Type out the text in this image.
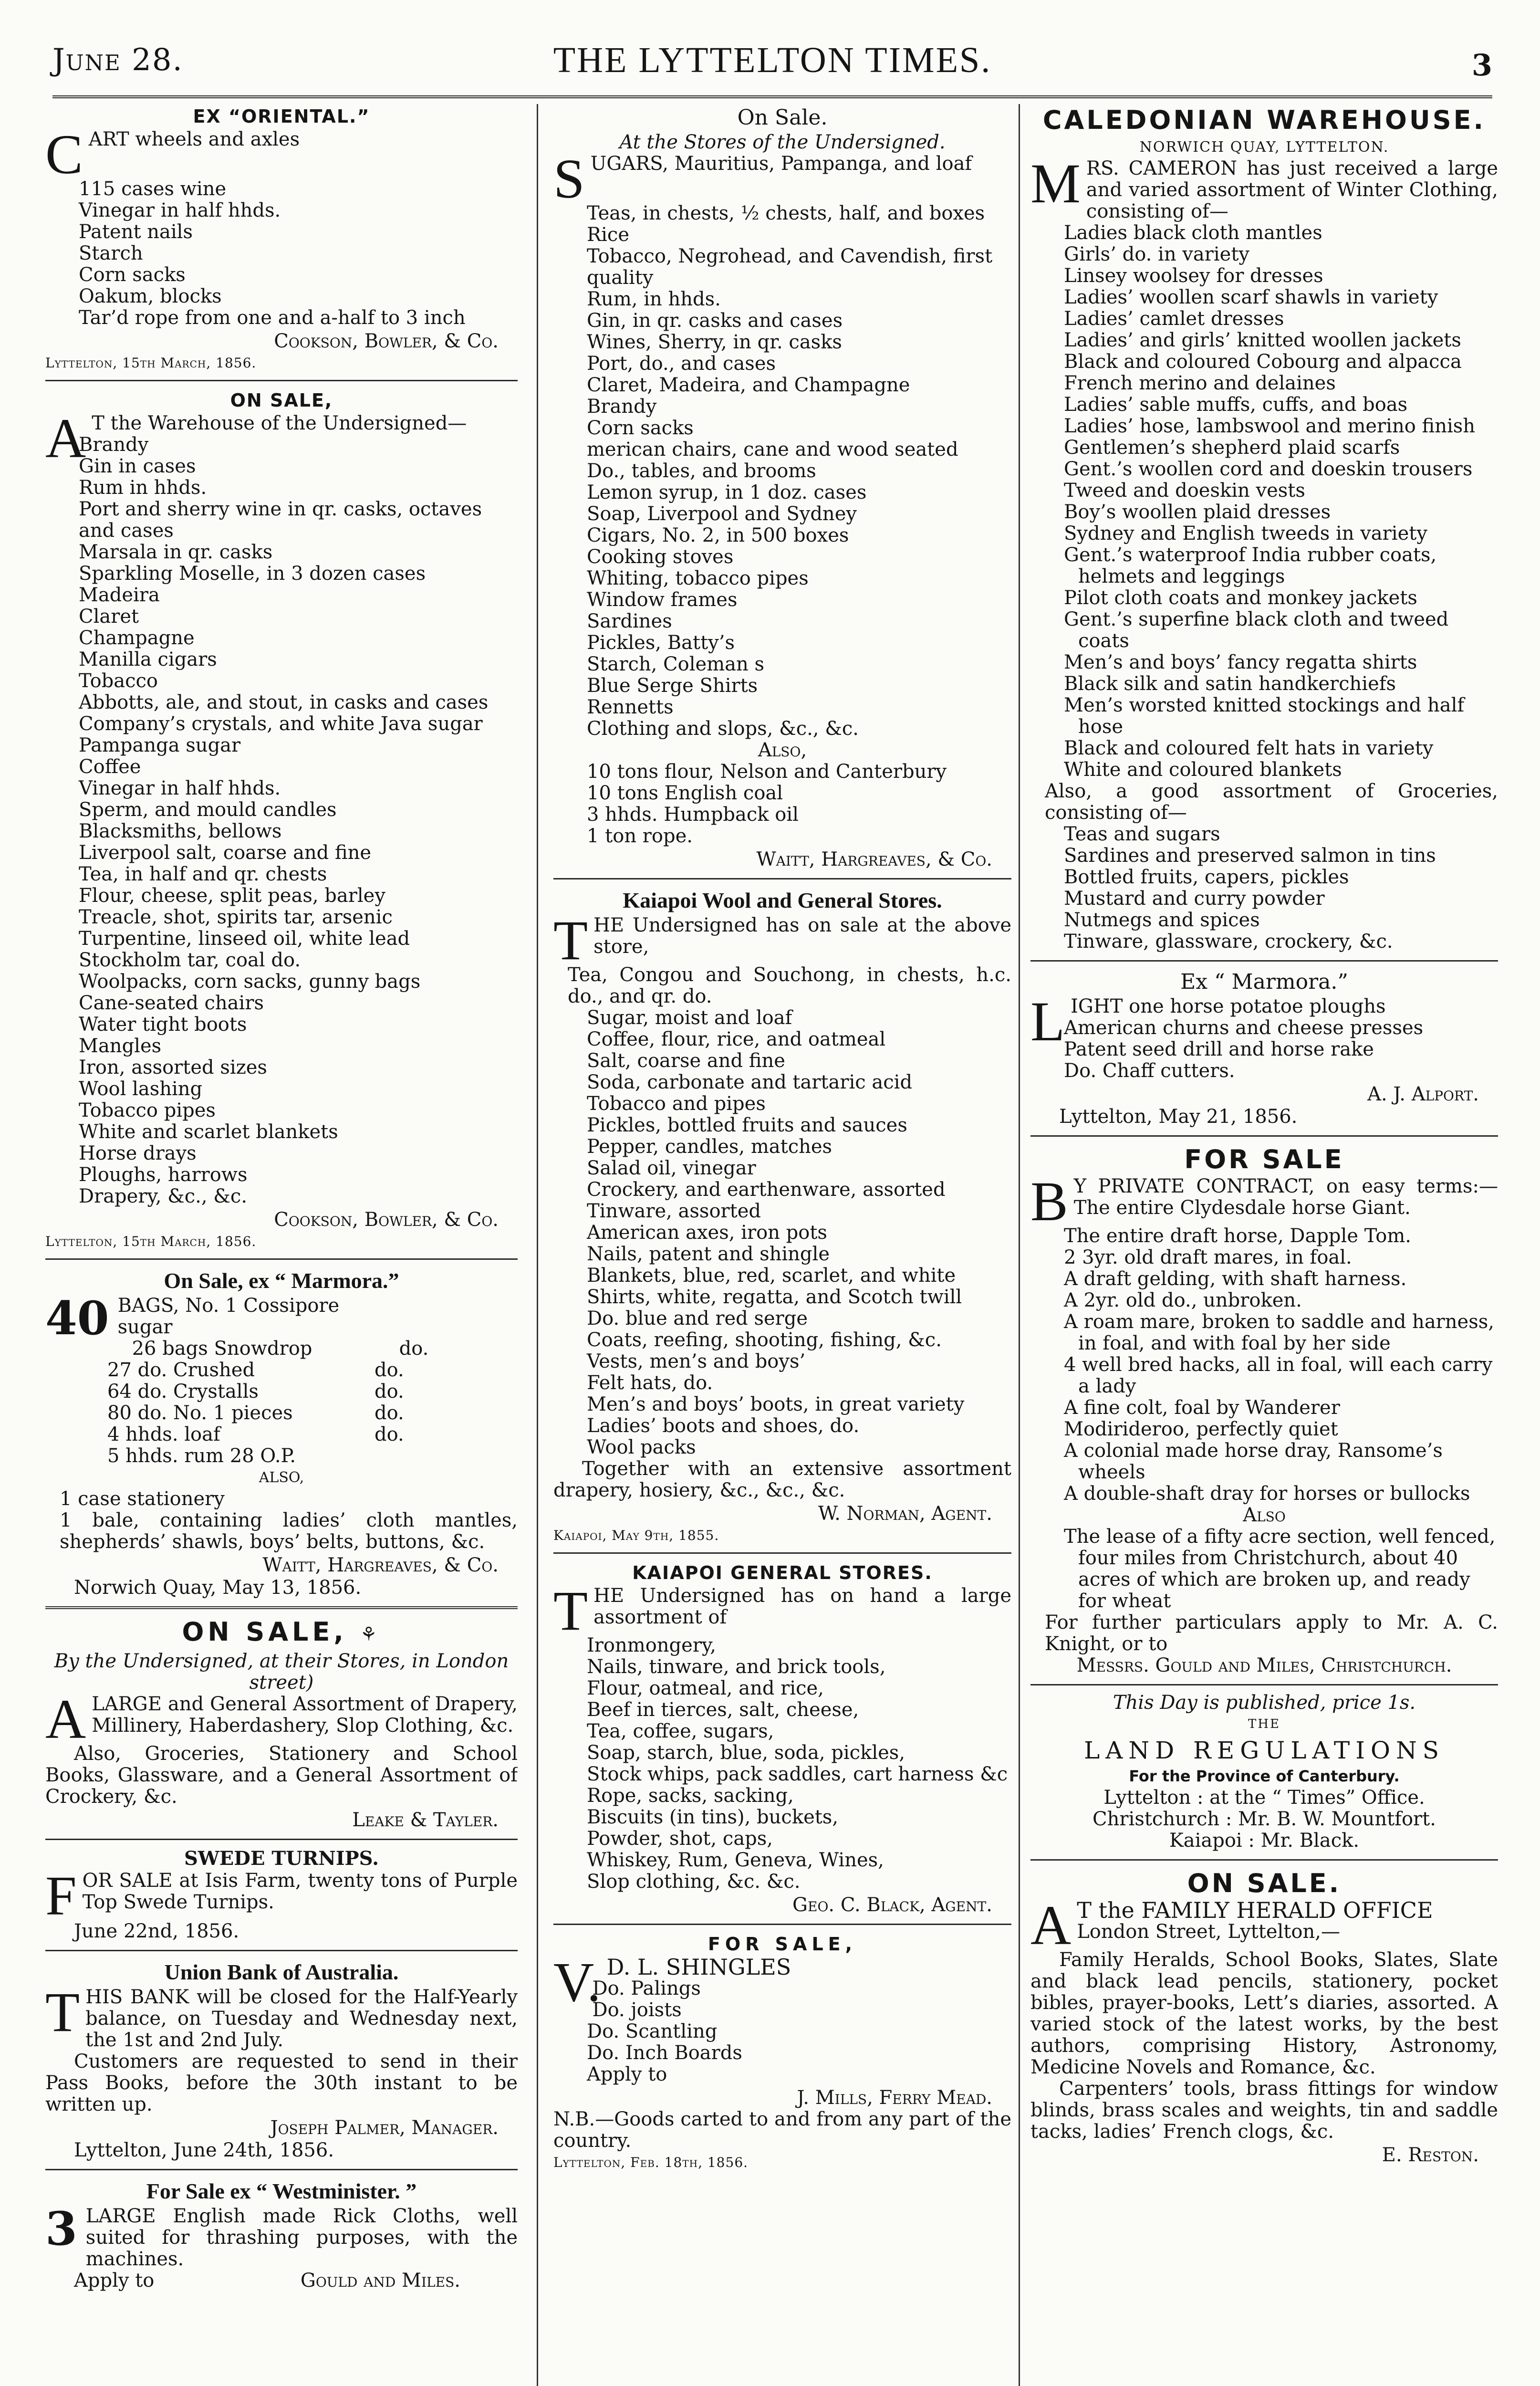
June 28.	THE LYTTELTON TIMES.	3
EX “ORIENTAL.”
C ART wheels and axles

115 cases wine

Vinegar in half hhds.

Patent nails

Starch

Corn sacks

Oakum, blocks

Tar’d rope from one and a-half to 3 inch

Cookson, Bowler, & Co.
Lyttelton, 15th March, 1856.
ON SALE,
A T the Warehouse of the Undersigned—

Brandy

Gin in cases

Rum in hhds.

Port and sherry wine in qr. casks, octaves

and cases

Marsala in qr. casks

Sparkling Moselle, in 3 dozen cases

Madeira

Claret

Champagne

Manilla cigars

Tobacco

Abbotts, ale, and stout, in casks and cases

Company’s crystals, and white Java sugar

Pampanga sugar

Coffee

Vinegar in half hhds.

Sperm, and mould candles

Blacksmiths, bellows

Liverpool salt, coarse and fine

Tea, in half and qr. chests

Flour, cheese, split peas, barley

Treacle, shot, spirits tar, arsenic

Turpentine, linseed oil, white lead

Stockholm tar, coal do.

Woolpacks, corn sacks, gunny bags

Cane-seated chairs

Water tight boots

Mangles

Iron, assorted sizes

Wool lashing

Tobacco pipes

White and scarlet blankets

Horse drays

Ploughs, harrows

Drapery, &c., &c.

Cookson, Bowler, & Co.
Lyttelton, 15th March, 1856.
On Sale, ex “ Marmora.”
40 BAGS, No. 1 Cossipore sugar
26 bags Snowdrop	do.
27 do. Crushed	do.
64 do. Crystalls	do.
80 do. No. 1 pieces	do.
4 hhds. loaf	do.
5 hhds. rum 28 O.P.
ALSO,

1 case stationery

1 bale, containing ladies’ cloth mantles, shepherds’ shawls, boys’ belts, buttons, &c.

Waitt, Hargreaves, & Co.
Norwich Quay, May 13, 1856.
ON SALE, ⚘
By the Undersigned, at their Stores, in London street)
A LARGE and General Assortment of Drapery, Millinery, Haberdashery, Slop Clothing, &c.

Also, Groceries, Stationery and School Books, Glassware, and a General Assortment of Crockery, &c.

Leake & Tayler.
SWEDE TURNIPS.
F OR SALE at Isis Farm, twenty tons of Purple Top Swede Turnips.

June 22nd, 1856.
Union Bank of Australia.
T HIS BANK will be closed for the Half-Yearly balance, on Tuesday and Wednesday next, the 1st and 2nd July.

Customers are requested to send in their Pass Books, before the 30th instant to be written up.

Joseph Palmer, Manager.
Lyttelton, June 24th, 1856.
For Sale ex “ Westminister. ”
3 LARGE English made Rick Cloths, well suited for thrashing purposes, with the machines.

Apply to	Gould and Miles.
On Sale.
At the Stores of the Undersigned.
S UGARS, Mauritius, Pampanga, and loaf

Teas, in chests, ½ chests, half, and boxes

Rice

Tobacco, Negrohead, and Cavendish, first

quality

Rum, in hhds.

Gin, in qr. casks and cases

Wines, Sherry, in qr. casks

Port, do., and cases

Claret, Madeira, and Champagne

Brandy

Corn sacks

merican chairs, cane and wood seated

Do., tables, and brooms

Lemon syrup, in 1 doz. cases

Soap, Liverpool and Sydney

Cigars, No. 2, in 500 boxes

Cooking stoves

Whiting, tobacco pipes

Window frames

Sardines

Pickles, Batty’s

Starch, Coleman s

Blue Serge Shirts

Rennetts

Clothing and slops, &c., &c.

Also,

10 tons flour, Nelson and Canterbury

10 tons English coal

3 hhds. Humpback oil

1 ton rope.

Waitt, Hargreaves, & Co.
Kaiapoi Wool and General Stores.
T HE Undersigned has on sale at the above store,

Tea, Congou and Souchong, in chests, h.c. do., and qr. do.

Sugar, moist and loaf

Coffee, flour, rice, and oatmeal

Salt, coarse and fine

Soda, carbonate and tartaric acid

Tobacco and pipes

Pickles, bottled fruits and sauces

Pepper, candles, matches

Salad oil, vinegar

Crockery, and earthenware, assorted

Tinware, assorted

American axes, iron pots

Nails, patent and shingle

Blankets, blue, red, scarlet, and white

Shirts, white, regatta, and Scotch twill

Do. blue and red serge

Coats, reefing, shooting, fishing, &c.

Vests, men’s and boys’

Felt hats, do.

Men’s and boys’ boots, in great variety

Ladies’ boots and shoes, do.

Wool packs

Together with an extensive assortment drapery, hosiery, &c., &c., &c.

W. Norman, Agent.
Kaiapoi, May 9th, 1855.
KAIAPOI GENERAL STORES.
T HE Undersigned has on hand a large assortment of

Ironmongery,

Nails, tinware, and brick tools,

Flour, oatmeal, and rice,

Beef in tierces, salt, cheese,

Tea, coffee, sugars,

Soap, starch, blue, soda, pickles,

Stock whips, pack saddles, cart harness &c

Rope, sacks, sacking,

Biscuits (in tins), buckets,

Powder, shot, caps,

Whiskey, Rum, Geneva, Wines,

Slop clothing, &c. &c.

Geo. C. Black, Agent.
FOR SALE,
V. D. L. SHINGLES

Do. Palings

Do. joists

Do. Scantling

Do. Inch Boards

Apply to

J. Mills, Ferry Mead.

N.B.—Goods carted to and from any part of the country.

Lyttelton, Feb. 18th, 1856.
CALEDONIAN WAREHOUSE.
NORWICH QUAY, LYTTELTON.
M RS. CAMERON has just received a large and varied assortment of Winter Clothing, consisting of—

Ladies black cloth mantles

Girls’ do. in variety

Linsey woolsey for dresses

Ladies’ woollen scarf shawls in variety

Ladies’ camlet dresses

Ladies’ and girls’ knitted woollen jackets

Black and coloured Cobourg and alpacca

French merino and delaines

Ladies’ sable muffs, cuffs, and boas

Ladies’ hose, lambswool and merino finish

Gentlemen’s shepherd plaid scarfs

Gent.’s woollen cord and doeskin trousers

Tweed and doeskin vests

Boy’s woollen plaid dresses

Sydney and English tweeds in variety

Gent.’s waterproof India rubber coats, helmets and leggings

Pilot cloth coats and monkey jackets

Gent.’s superfine black cloth and tweed coats

Men’s and boys’ fancy regatta shirts

Black silk and satin handkerchiefs

Men’s worsted knitted stockings and half hose

Black and coloured felt hats in variety

White and coloured blankets

Also, a good assortment of Groceries, consisting of—

Teas and sugars

Sardines and preserved salmon in tins

Bottled fruits, capers, pickles

Mustard and curry powder

Nutmegs and spices

Tinware, glassware, crockery, &c.

Ex “ Marmora.”
L IGHT one horse potatoe ploughs

American churns and cheese presses

Patent seed drill and horse rake

Do. Chaff cutters.

A. J. Alport.
Lyttelton, May 21, 1856.
FOR SALE
B Y PRIVATE CONTRACT, on easy terms:—The entire Clydesdale horse Giant.

The entire draft horse, Dapple Tom.

2 3yr. old draft mares, in foal.

A draft gelding, with shaft harness.

A 2yr. old do., unbroken.

A roam mare, broken to saddle and harness, in foal, and with foal by her side

4 well bred hacks, all in foal, will each carry a lady

A fine colt, foal by Wanderer

Modirideroo, perfectly quiet

A colonial made horse dray, Ransome’s wheels

A double-shaft dray for horses or bullocks

Also

The lease of a fifty acre section, well fenced, four miles from Christchurch, about 40 acres of which are broken up, and ready for wheat

For further particulars apply to Mr. A. C. Knight, or to

Messrs. Gould and Miles, Christchurch.
This Day is published, price 1s.
THE
LAND REGULATIONS
For the Province of Canterbury.

Lyttelton : at the “ Times” Office.

Christchurch : Mr. B. W. Mountfort.

Kaiapoi : Mr. Black.

ON SALE.
A T the FAMILY HERALD OFFICE

London Street, Lyttelton,—

Family Heralds, School Books, Slates, Slate and black lead pencils, stationery, pocket bibles, prayer-books, Lett’s diaries, assorted. A varied stock of the latest works, by the best authors, comprising History, Astronomy, Medicine Novels and Romance, &c.

Carpenters’ tools, brass fittings for window blinds, brass scales and weights, tin and saddle tacks, ladies’ French clogs, &c.

E. Reston.
